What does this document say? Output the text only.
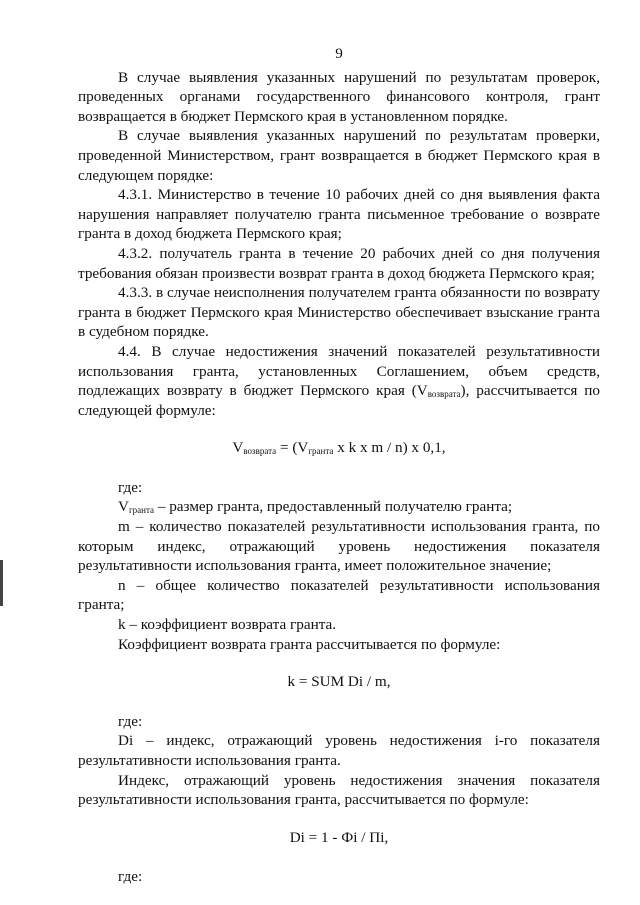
9

В случае выявления указанных нарушений по результатам проверок, проведенных органами государственного финансового контроля, грант возвращается в бюджет Пермского края в установленном порядке.

В случае выявления указанных нарушений по результатам проверки, проведенной Министерством, грант возвращается в бюджет Пермского края в следующем порядке:

4.3.1. Министерство в течение 10 рабочих дней со дня выявления факта нарушения направляет получателю гранта письменное требование о возврате гранта в доход бюджета Пермского края;

4.3.2. получатель гранта в течение 20 рабочих дней со дня получения требования обязан произвести возврат гранта в доход бюджета Пермского края;

4.3.3. в случае неисполнения получателем гранта обязанности по возврату гранта в бюджет Пермского края Министерство обеспечивает взыскание гранта в судебном порядке.

4.4. В случае недостижения значений показателей результативности использования гранта, установленных Соглашением, объем средств, подлежащих возврату в бюджет Пермского края $(V_{возврата})$, рассчитывается по следующей формуле:

$V_{возврата} = (V_{гранта}$ x k x m / n) x 0,1,

где:

$V_{гранта}$ – размер гранта, предоставленный получателю гранта;

m – количество показателей результативности использования гранта, по которым индекс, отражающий уровень недостижения показателя результативности использования гранта, имеет положительное значение;

n – общее количество показателей результативности использования гранта;

k – коэффициент возврата гранта.

Коэффициент возврата гранта рассчитывается по формуле:

k = SUM Di / m,

где:

Di – индекс, отражающий уровень недостижения i-го показателя результативности использования гранта.

Индекс, отражающий уровень недостижения значения показателя результативности использования гранта, рассчитывается по формуле:

Di = 1 - Фi / Пi,

где:
